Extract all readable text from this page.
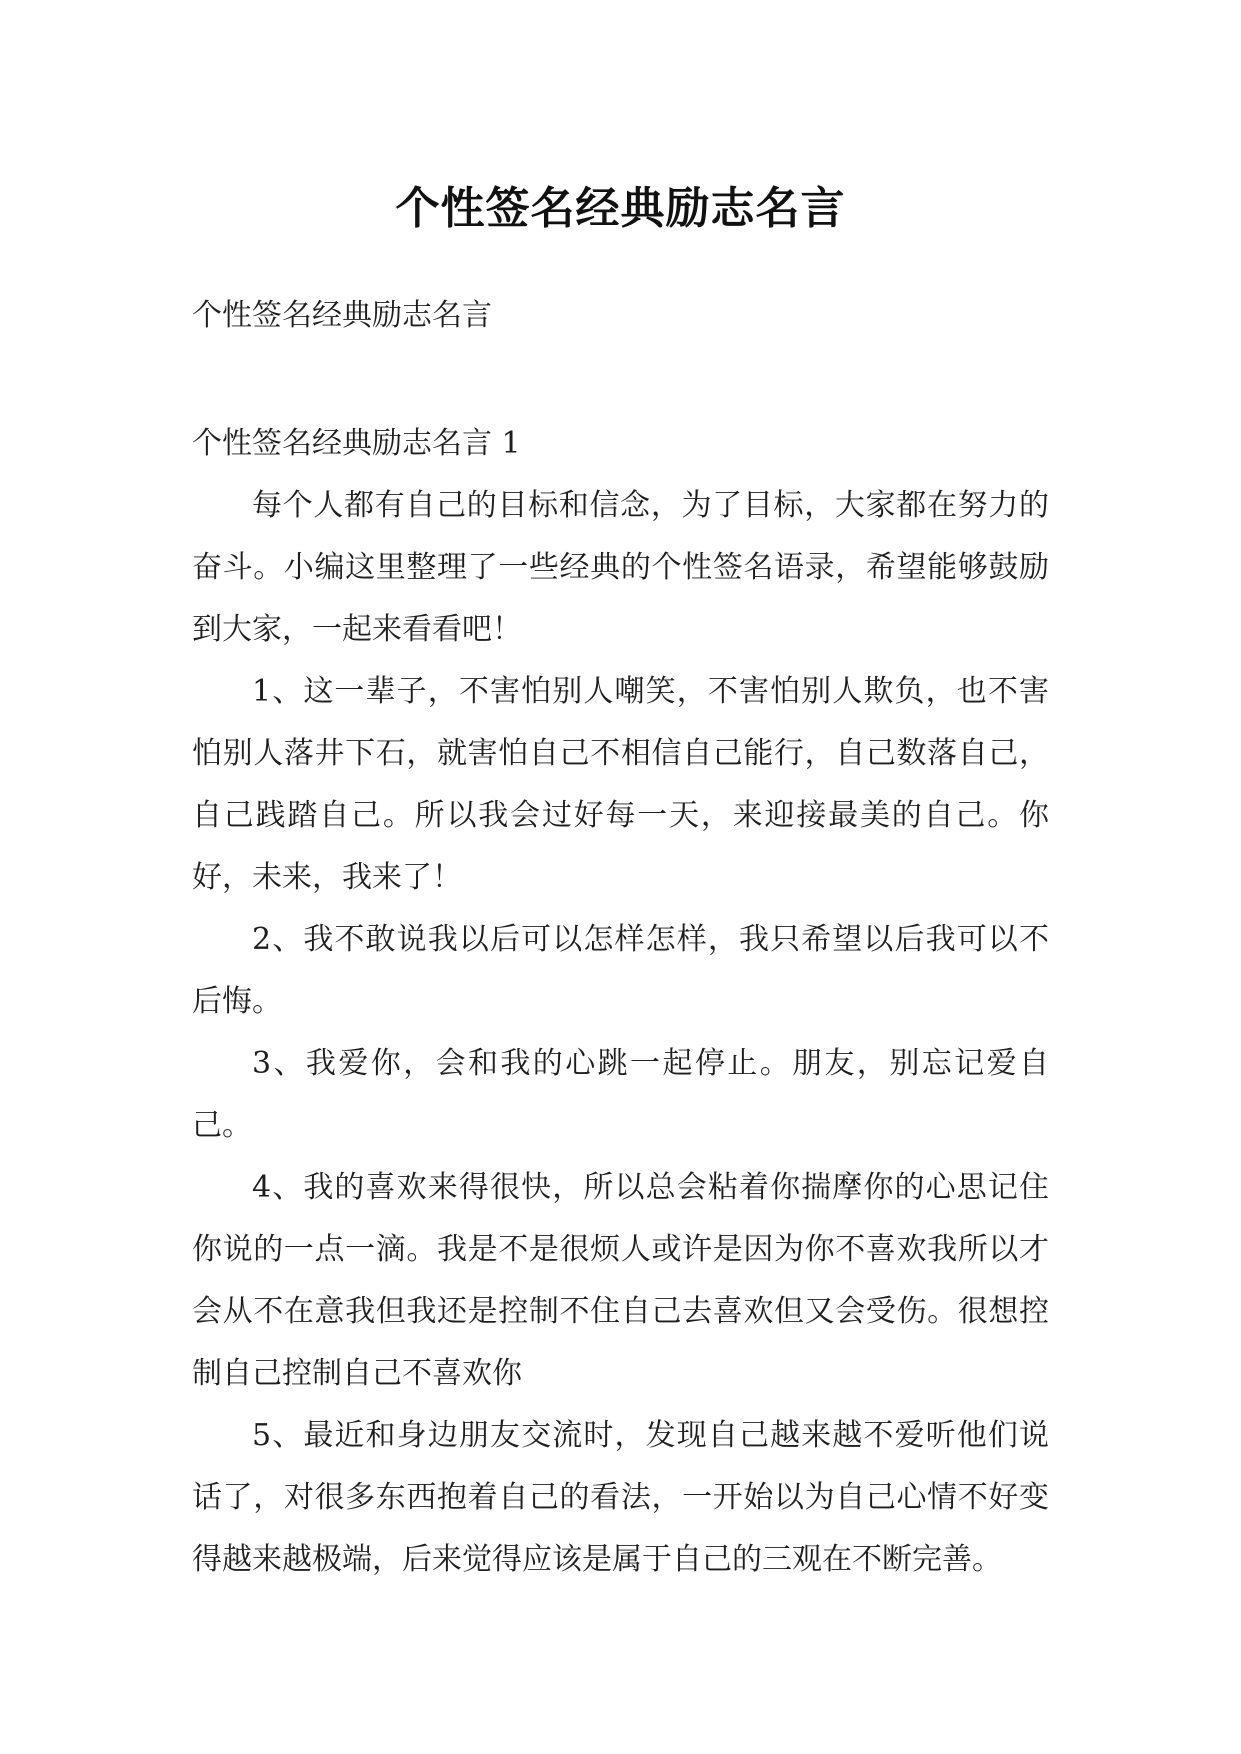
个性签名经典励志名言

个性签名经典励志名言

个性签名经典励志名言 1

每个人都有自己的目标和信念，为了目标，大家都在努力的奋斗。小编这里整理了一些经典的个性签名语录，希望能够鼓励到大家，一起来看看吧！

1、这一辈子，不害怕别人嘲笑，不害怕别人欺负，也不害怕别人落井下石，就害怕自己不相信自己能行，自己数落自己，自己践踏自己。所以我会过好每一天，来迎接最美的自己。你好，未来，我来了！

2、我不敢说我以后可以怎样怎样，我只希望以后我可以不后悔。

3、我爱你，会和我的心跳一起停止。朋友，别忘记爱自己。

4、我的喜欢来得很快，所以总会粘着你揣摩你的心思记住你说的一点一滴。我是不是很烦人或许是因为你不喜欢我所以才会从不在意我但我还是控制不住自己去喜欢但又会受伤。很想控制自己控制自己不喜欢你

5、最近和身边朋友交流时，发现自己越来越不爱听他们说话了，对很多东西抱着自己的看法，一开始以为自己心情不好变得越来越极端，后来觉得应该是属于自己的三观在不断完善。
